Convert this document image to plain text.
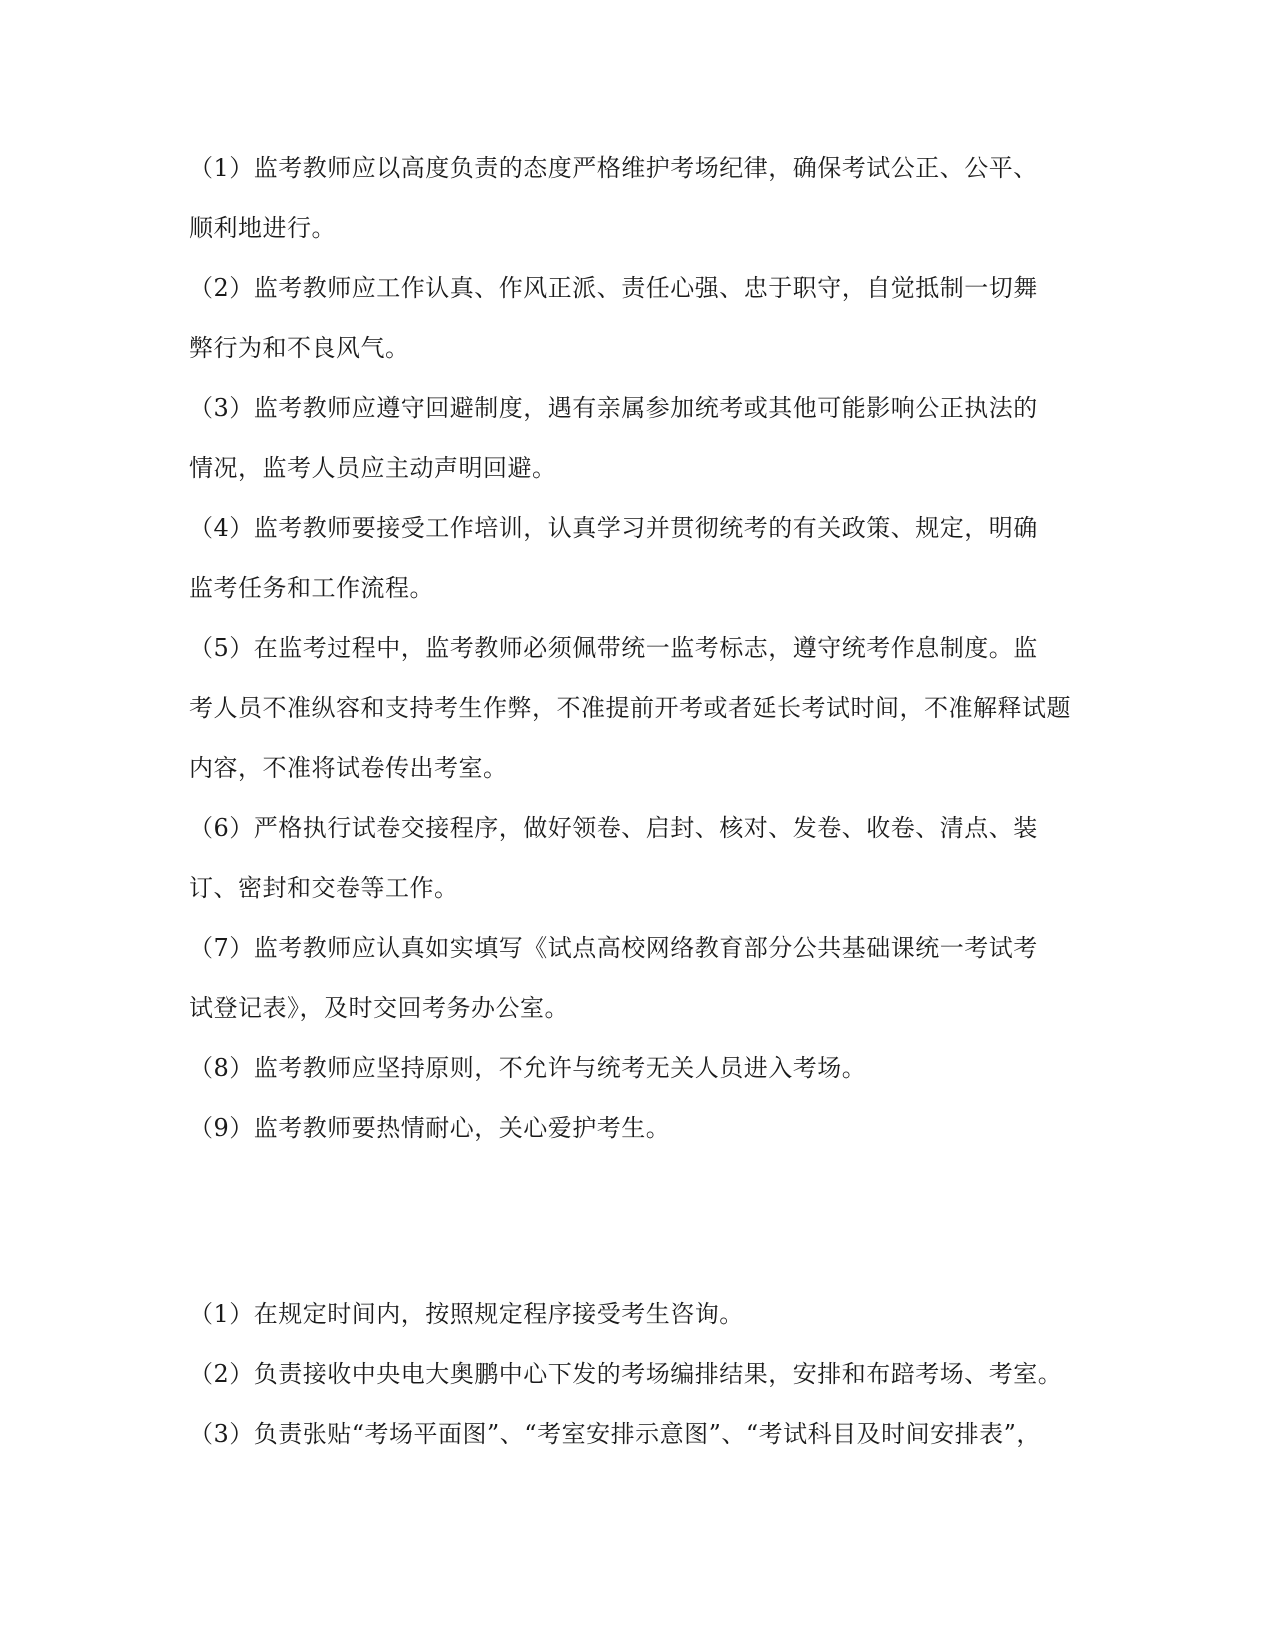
（1）监考教师应以高度负责的态度严格维护考场纪律，确保考试公正、公平、
顺利地进行。
（2）监考教师应工作认真、作风正派、责任心强、忠于职守，自觉抵制一切舞
弊行为和不良风气。
（3）监考教师应遵守回避制度，遇有亲属参加统考或其他可能影响公正执法的
情况，监考人员应主动声明回避。
（4）监考教师要接受工作培训，认真学习并贯彻统考的有关政策、规定，明确
监考任务和工作流程。
（5）在监考过程中，监考教师必须佩带统一监考标志，遵守统考作息制度。监
考人员不准纵容和支持考生作弊，不准提前开考或者延长考试时间，不准解释试题
内容，不准将试卷传出考室。
（6）严格执行试卷交接程序，做好领卷、启封、核对、发卷、收卷、清点、装
订、密封和交卷等工作。
（7）监考教师应认真如实填写《试点高校网络教育部分公共基础课统一考试考
试登记表》，及时交回考务办公室。
（8）监考教师应坚持原则，不允许与统考无关人员进入考场。
（9）监考教师要热情耐心，关心爱护考生。
（1）在规定时间内，按照规定程序接受考生咨询。
（2）负责接收中央电大奥鹏中心下发的考场编排结果，安排和布踣考场、考室。
（3）负责张贴“考场平面图”、“考室安排示意图”、“考试科目及时间安排表”，
